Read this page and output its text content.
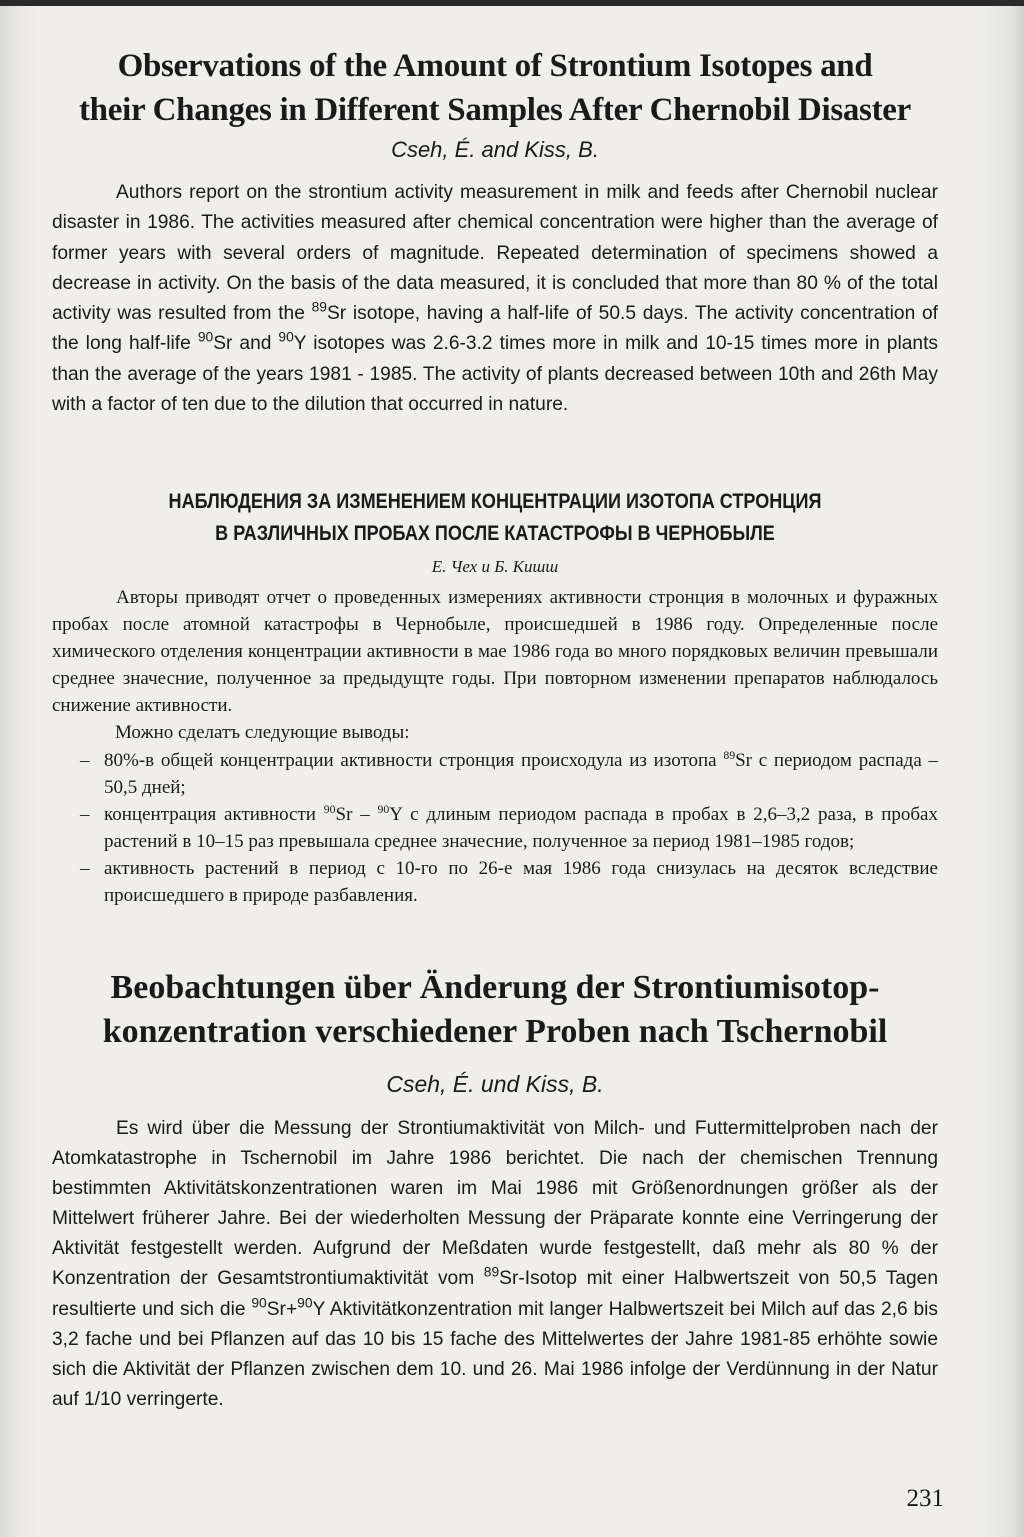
Observations of the Amount of Strontium Isotopes and
their Changes in Different Samples After Chernobil Disaster
Cseh, É. and Kiss, B.
Authors report on the strontium activity measurement in milk and feeds after Chernobil nuclear disaster in 1986. The activities measured after chemical concentration were higher than the average of former years with several orders of magnitude. Repeated determination of specimens showed a decrease in activity. On the basis of the data measured, it is concluded that more than 80 % of the total activity was resulted from the $^{89}$Sr isotope, having a half-life of 50.5 days. The activity concentration of the long half-life $^{90}$Sr and $^{90}$Y isotopes was 2.6-3.2 times more in milk and 10-15 times more in plants than the average of the years 1981 - 1985. The activity of plants decreased between 10th and 26th May with a factor of ten due to the dilution that occurred in nature.
НАБЛЮДЕНИЯ ЗА ИЗМЕНЕНИЕМ КОНЦЕНТРАЦИИ ИЗОТОПА СТРОНЦИЯ
В РАЗЛИЧНЫХ ПРОБАХ ПОСЛЕ КАТАСТРОФЫ В ЧЕРНОБЫЛЕ
Е. Чех и Б. Кишш

Авторы приводят отчет о проведенных измерениях активности стронция в молочных и фуражных пробах после атомной катастрофы в Чернобыле, происшедшей в 1986 году. Определенные после химического отделения концентрации активности в мае 1986 года во много порядковых величин превышали среднее значесние, полученное за предыдущте годы. При повторном изменении препаратов наблюдалось снижение активности.

Можно сделатъ следующие выводы:

– 80%-в общей концентрации активности стронция происходула из изотопа $^{89}$Sr с периодом распада – 50,5 дней;
– концентрация активности $^{90}$Sr – $^{90}$Y с длиным периодом распада в пробах в 2,6–3,2 раза, в пробах растений в 10–15 раз превышала среднее значесние, полученное за период 1981–1985 годов;
– активность растений в период с 10-го по 26-е мая 1986 года снизулась на десяток вследствие происшедшего в природе разбавления.
Beobachtungen über Änderung der Strontiumisotop-
konzentration verschiedener Proben nach Tschernobil
Cseh, É. und Kiss, B.
Es wird über die Messung der Strontiumaktivität von Milch- und Futtermittelproben nach der Atomkatastrophe in Tschernobil im Jahre 1986 berichtet. Die nach der chemischen Trennung bestimmten Aktivitätskonzentrationen waren im Mai 1986 mit Größenordnungen größer als der Mittelwert früherer Jahre. Bei der wiederholten Messung der Präparate konnte eine Verringerung der Aktivität festgestellt werden. Aufgrund der Meßdaten wurde festgestellt, daß mehr als 80 % der Konzentration der Gesamtstrontiumaktivität vom $^{89}$Sr-Isotop mit einer Halbwertszeit von 50,5 Tagen resultierte und sich die $^{90}$Sr+$^{90}$Y Aktivitätkonzentration mit langer Halbwertszeit bei Milch auf das 2,6 bis 3,2 fache und bei Pflanzen auf das 10 bis 15 fache des Mittelwertes der Jahre 1981-85 erhöhte sowie sich die Aktivität der Pflanzen zwischen dem 10. und 26. Mai 1986 infolge der Verdünnung in der Natur auf 1/10 verringerte.
231
